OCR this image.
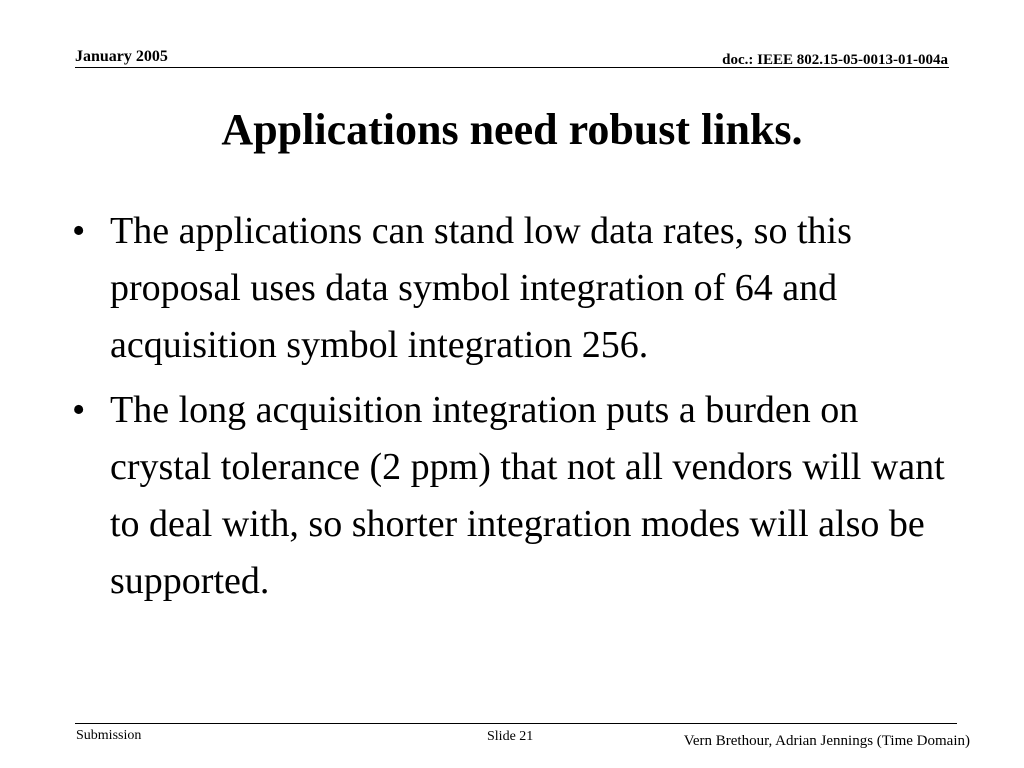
January 2005	doc.: IEEE 802.15-05-0013-01-004a
Applications need robust links.
• The applications can stand low data rates, so this proposal uses data symbol integration of 64 and acquisition symbol integration 256.
• The long acquisition integration puts a burden on crystal tolerance (2 ppm) that not all vendors will want to deal with, so shorter integration modes will also be supported.
Submission	Slide 21	Vern Brethour, Adrian Jennings (Time Domain)
